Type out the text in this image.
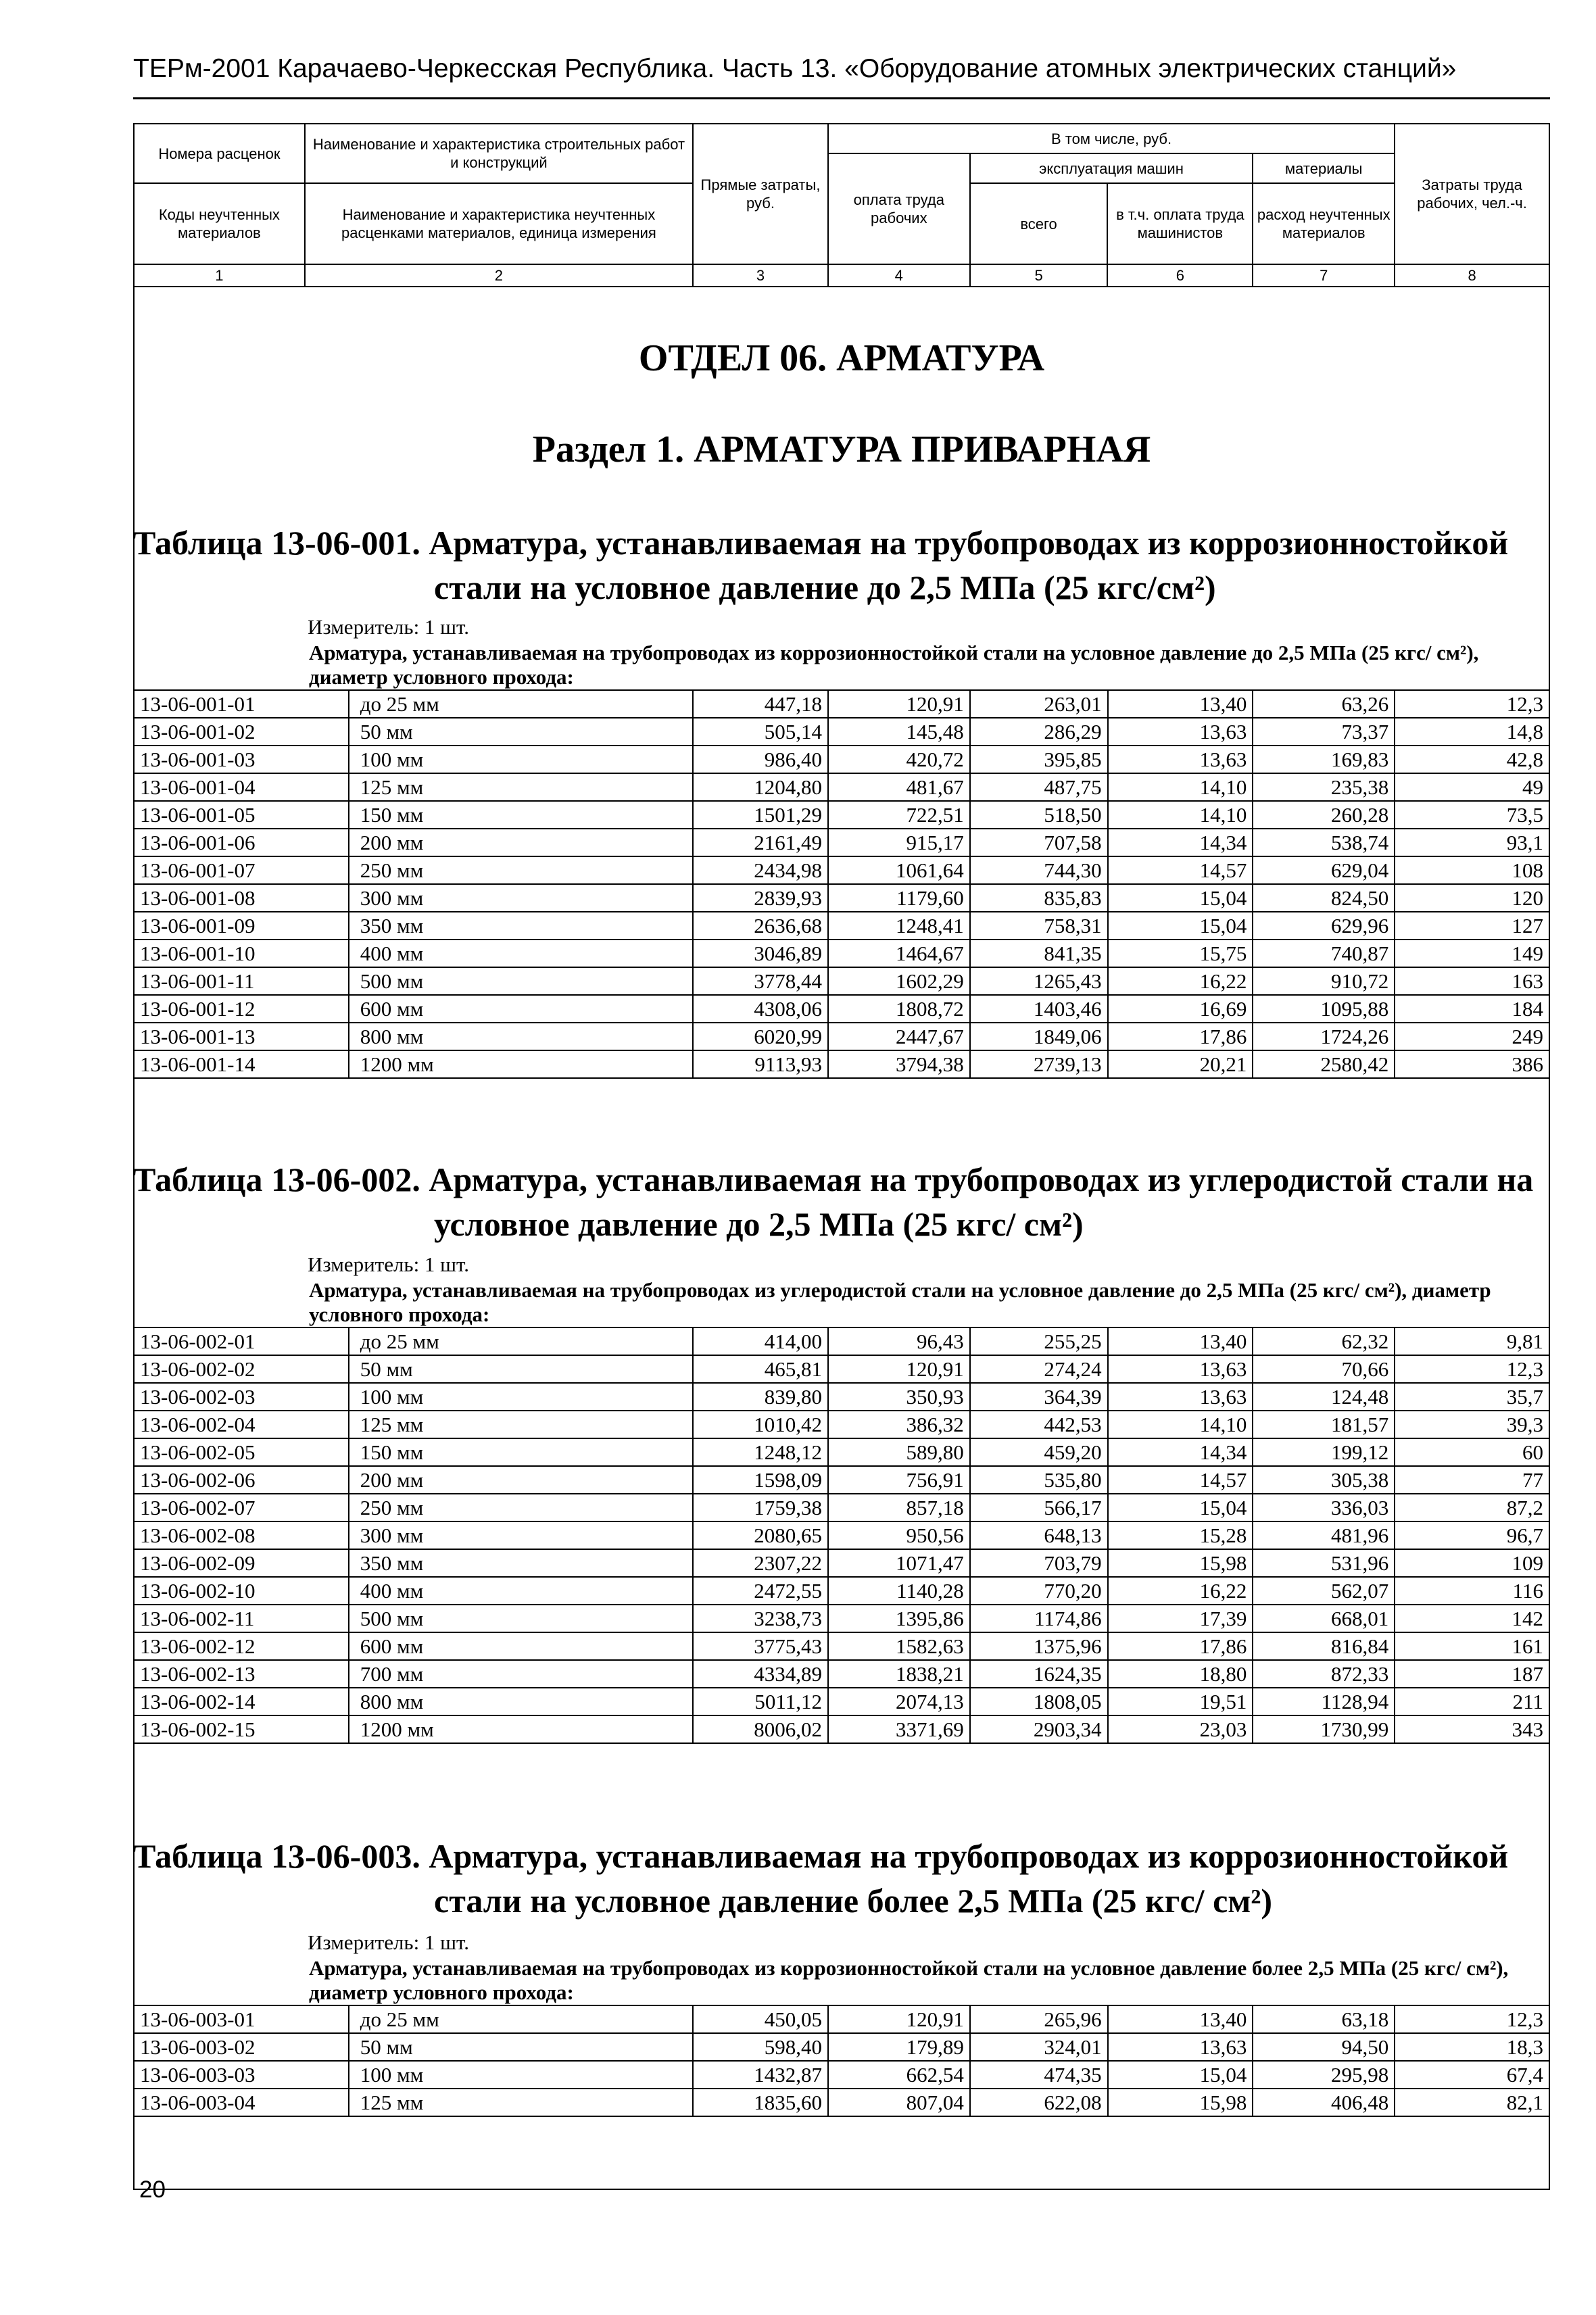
ТЕРм-2001 Карачаево-Черкесская Республика. Часть 13. «Оборудование атомных электрических станций»
Номера расценок	Наименование и характеристика строительных работ и конструкций	Прямые затраты, руб.	В том числе, руб.				Затраты труда рабочих, чел.-ч.
			оплата труда рабочих	эксплуатация машин		материалы	
Коды неучтенных материалов	Наименование и характеристика неучтенных расценками материалов, единица измерения			всего	в т.ч. оплата труда машинистов	расход неучтенных материалов	

1	2	3	4	5	6	7	8
ОТДЕЛ 06. АРМАТУРА
Раздел 1. АРМАТУРА ПРИВАРНАЯ
Таблица 13-06-001. Арматура, устанавливаемая на трубопроводах из коррозионностойкой
стали на условное давление до 2,5 МПа (25 кгс/см²)
Измеритель: 1 шт.
Арматура, устанавливаемая на трубопроводах из коррозионностойкой стали на условное давление до 2,5 МПа (25 кгс/ см²), диаметр условного прохода:							
13-06-001-01	до 25 мм	447,18	120,91	263,01	13,40	63,26	12,3
13-06-001-02	50 мм	505,14	145,48	286,29	13,63	73,37	14,8
13-06-001-03	100 мм	986,40	420,72	395,85	13,63	169,83	42,8
13-06-001-04	125 мм	1204,80	481,67	487,75	14,10	235,38	49
13-06-001-05	150 мм	1501,29	722,51	518,50	14,10	260,28	73,5
13-06-001-06	200 мм	2161,49	915,17	707,58	14,34	538,74	93,1
13-06-001-07	250 мм	2434,98	1061,64	744,30	14,57	629,04	108
13-06-001-08	300 мм	2839,93	1179,60	835,83	15,04	824,50	120
13-06-001-09	350 мм	2636,68	1248,41	758,31	15,04	629,96	127
13-06-001-10	400 мм	3046,89	1464,67	841,35	15,75	740,87	149
13-06-001-11	500 мм	3778,44	1602,29	1265,43	16,22	910,72	163
13-06-001-12	600 мм	4308,06	1808,72	1403,46	16,69	1095,88	184
13-06-001-13	800 мм	6020,99	2447,67	1849,06	17,86	1724,26	249
13-06-001-14	1200 мм	9113,93	3794,38	2739,13	20,21	2580,42	386
Таблица 13-06-002. Арматура, устанавливаемая на трубопроводах из углеродистой стали на
условное давление до 2,5 МПа (25 кгс/ см²)
Измеритель: 1 шт.
Арматура, устанавливаемая на трубопроводах из углеродистой стали на условное давление до 2,5 МПа (25 кгс/ см²), диаметр условного прохода:							
13-06-002-01	до 25 мм	414,00	96,43	255,25	13,40	62,32	9,81
13-06-002-02	50 мм	465,81	120,91	274,24	13,63	70,66	12,3
13-06-002-03	100 мм	839,80	350,93	364,39	13,63	124,48	35,7
13-06-002-04	125 мм	1010,42	386,32	442,53	14,10	181,57	39,3
13-06-002-05	150 мм	1248,12	589,80	459,20	14,34	199,12	60
13-06-002-06	200 мм	1598,09	756,91	535,80	14,57	305,38	77
13-06-002-07	250 мм	1759,38	857,18	566,17	15,04	336,03	87,2
13-06-002-08	300 мм	2080,65	950,56	648,13	15,28	481,96	96,7
13-06-002-09	350 мм	2307,22	1071,47	703,79	15,98	531,96	109
13-06-002-10	400 мм	2472,55	1140,28	770,20	16,22	562,07	116
13-06-002-11	500 мм	3238,73	1395,86	1174,86	17,39	668,01	142
13-06-002-12	600 мм	3775,43	1582,63	1375,96	17,86	816,84	161
13-06-002-13	700 мм	4334,89	1838,21	1624,35	18,80	872,33	187
13-06-002-14	800 мм	5011,12	2074,13	1808,05	19,51	1128,94	211
13-06-002-15	1200 мм	8006,02	3371,69	2903,34	23,03	1730,99	343
Таблица 13-06-003. Арматура, устанавливаемая на трубопроводах из коррозионностойкой
стали на условное давление более 2,5 МПа (25 кгс/ см²)
Измеритель: 1 шт.
Арматура, устанавливаемая на трубопроводах из коррозионностойкой стали на условное давление более 2,5 МПа (25 кгс/ см²), диаметр условного прохода:							
13-06-003-01	до 25 мм	450,05	120,91	265,96	13,40	63,18	12,3
13-06-003-02	50 мм	598,40	179,89	324,01	13,63	94,50	18,3
13-06-003-03	100 мм	1432,87	662,54	474,35	15,04	295,98	67,4
13-06-003-04	125 мм	1835,60	807,04	622,08	15,98	406,48	82,1
20
